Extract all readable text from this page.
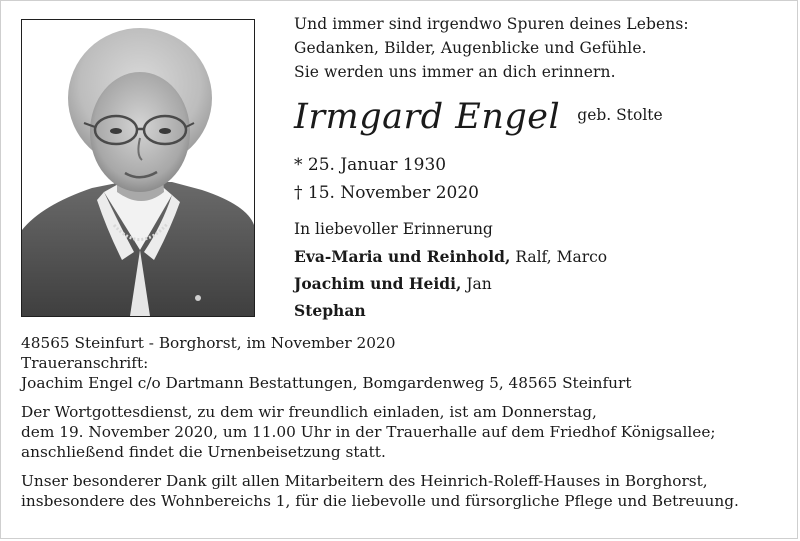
Und immer sind irgendwo Spuren deines Lebens:
Gedanken, Bilder, Augenblicke und Gefühle.
Sie werden uns immer an dich erinnern.
Irmgard Engel geb. Stolte
* 25. Januar 1930
† 15. November 2020
In liebevoller Erinnerung
Eva-Maria und Reinhold, Ralf, Marco
Joachim und Heidi, Jan
Stephan
48565 Steinfurt - Borghorst, im November 2020
Traueranschrift:
Joachim Engel c/o Dartmann Bestattungen, Bomgardenweg 5, 48565 Steinfurt
Der Wortgottesdienst, zu dem wir freundlich einladen, ist am Donnerstag,
dem 19. November 2020, um 11.00 Uhr in der Trauerhalle auf dem Friedhof Königsallee;
anschließend findet die Urnenbeisetzung statt.
Unser besonderer Dank gilt allen Mitarbeitern des Heinrich-Roleff-Hauses in Borghorst,
insbesondere des Wohnbereichs 1, für die liebevolle und fürsorgliche Pflege und Betreuung.
